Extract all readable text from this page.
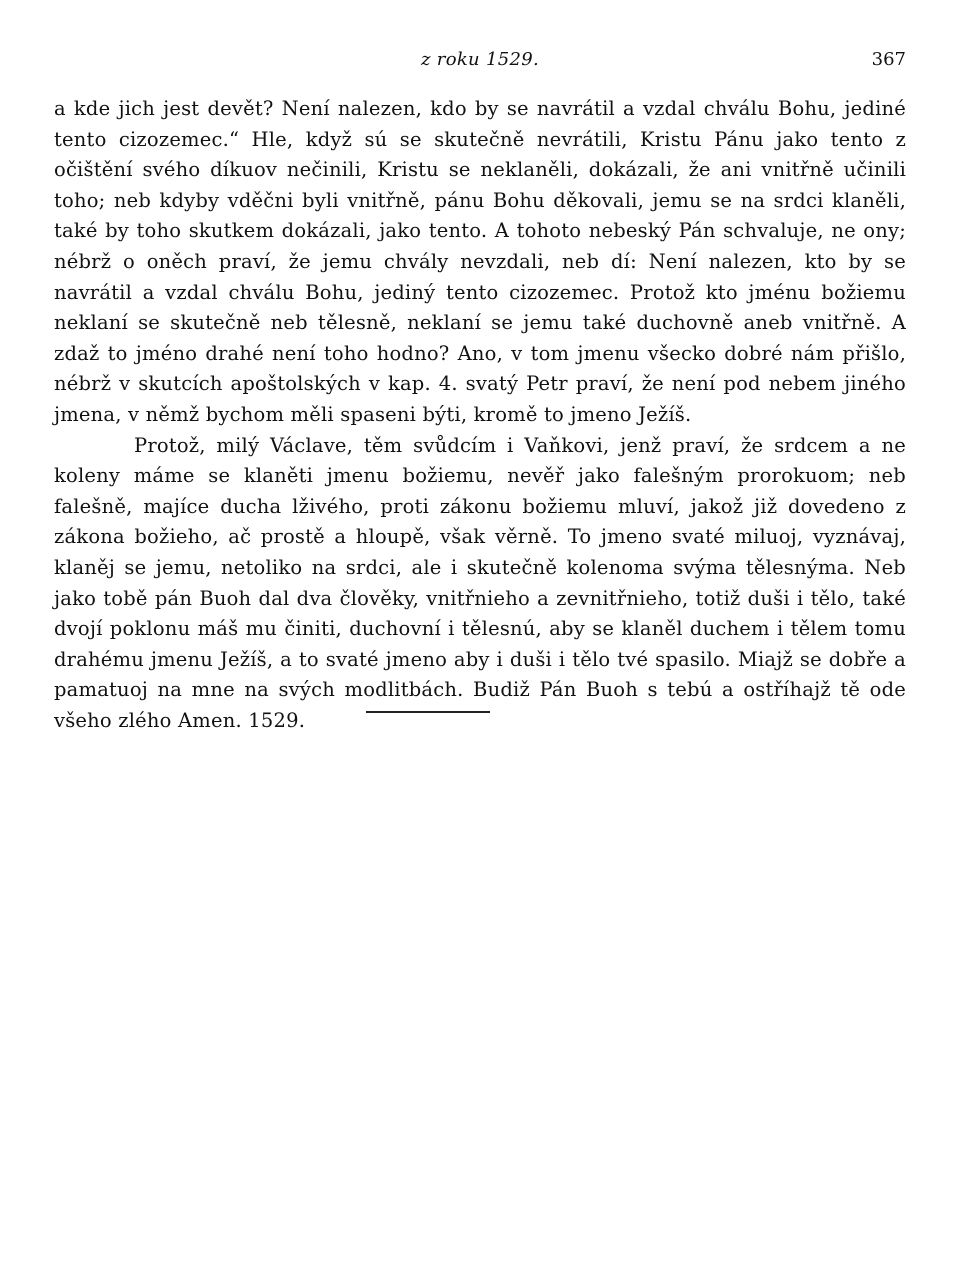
z roku 1529.	367

a kde jich jest devět? Není nalezen, kdo by se navrátil a vzdal chválu Bohu, jediné tento cizozemec.“ Hle, když sú se skutečně nevrátili, Kristu Pánu jako tento z očištění svého díkuov nečinili, Kristu se neklaněli, dokázali, že ani vnitřně učinili toho; neb kdyby vděčni byli vnitřně, pánu Bohu děkovali, jemu se na srdci klaněli, také by toho skutkem dokázali, jako tento. A tohoto nebeský Pán schvaluje, ne ony; nébrž o oněch praví, že jemu chvály nevzdali, neb dí: Není nalezen, kto by se navrátil a vzdal chválu Bohu, jediný tento cizozemec. Protož kto jménu božiemu neklaní se skutečně neb tělesně, neklaní se jemu také duchovně aneb vnitřně. A zdaž to jméno drahé není toho hodno? Ano, v tom jmenu všecko dobré nám přišlo, nébrž v skutcích apoštolských v kap. 4. svatý Petr praví, že není pod nebem jiného jmena, v němž bychom měli spaseni býti, kromě to jmeno Ježíš.

Protož, milý Václave, těm svůdcím i Vaňkovi, jenž praví, že srdcem a ne koleny máme se klaněti jmenu božiemu, nevěř jako falešným prorokuom; neb falešně, majíce ducha lživého, proti zákonu božiemu mluví, jakož již dovedeno z zákona božieho, ač prostě a hloupě, však věrně. To jmeno svaté miluoj, vyznávaj, klaněj se jemu, netoliko na srdci, ale i skutečně kolenoma svýma tělesnýma. Neb jako tobě pán Buoh dal dva člověky, vnitřnieho a zevnitřnieho, totiž duši i tělo, také dvojí poklonu máš mu činiti, duchovní i tělesnú, aby se klaněl duchem i tělem tomu drahému jmenu Ježíš, a to svaté jmeno aby i duši i tělo tvé spasilo. Miajž se dobře a pamatuoj na mne na svých modlitbách. Budiž Pán Buoh s tebú a ostříhajž tě ode všeho zlého Amen. 1529.
